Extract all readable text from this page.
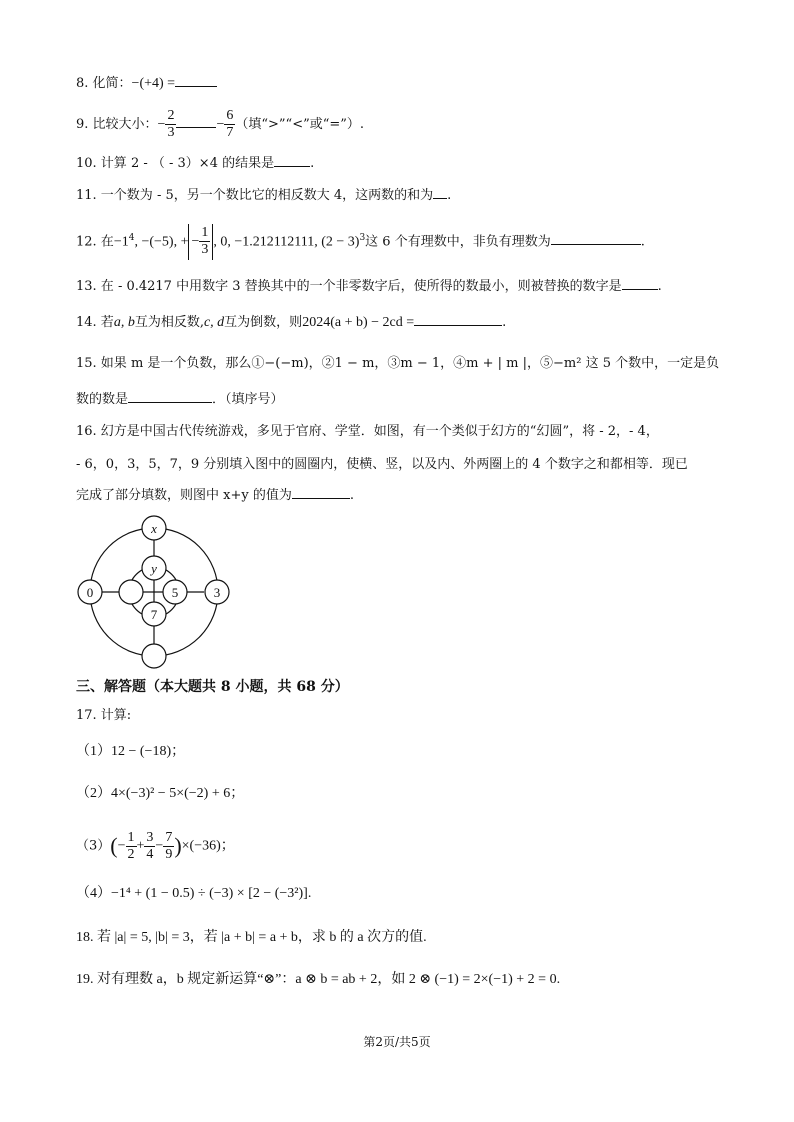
8. 化简：−(+4) =
9. 比较大小：− $\frac{2}{3}$	− $\frac{6}{7}$ （填“>”“<”或“=”）.
10. 计算 2 - （ - 3）×4 的结果是	.
11. 一个数为 - 5，另一个数比它的相反数大 4，这两数的和为 .
12. 在$-1^4$, −(−5), + − $\frac{1}{3}$ , 0, −1.212112111, $(2 - 3)^3$这 6 个有理数中，非负有理数为	.
13. 在 - 0.4217 中用数字 3 替换其中的一个非零数字后，使所得的数最小，则被替换的数字是	.
14. 若a, b互为相反数,c, d互为倒数，则2024(a + b) − 2cd =	.
15. 如果 m 是一个负数，那么①−(−m)，②1 − m，③m − 1，④m + | m |，⑤−m² 这 5 个数中，一定是负
数的数是	．（填序号）
16. 幻方是中国古代传统游戏，多见于官府、学堂．如图，有一个类似于幻方的“幻圆”，将 - 2，- 4，
- 6，0，3，5，7，9 分别填入图中的圆圈内，使横、竖，以及内、外两圈上的 4 个数字之和都相等．现已
完成了部分填数，则图中 x+y 的值为	.
x
y
0	5	3
7
三、解答题（本大题共 8 小题，共 68 分）
17. 计算:
（1）12 − (−18)；
（2）4×(−3)² − 5×(−2) + 6；
$(3)(- \frac{1}{2} + \frac{3}{4} - \frac{7}{9} )\times(-36)$；
（4）−1⁴ + (1 − 0.5) ÷ (−3) × [2 − (−3²)].
18. 若 |a| = 5, |b| = 3，若 |a + b| = a + b，求 b 的 a 次方的值.
19. 对有理数 a，b 规定新运算“⊗”：a ⊗ b = ab + 2，如 2 ⊗ (−1) = 2×(−1) + 2 = 0.
第2页/共5页
